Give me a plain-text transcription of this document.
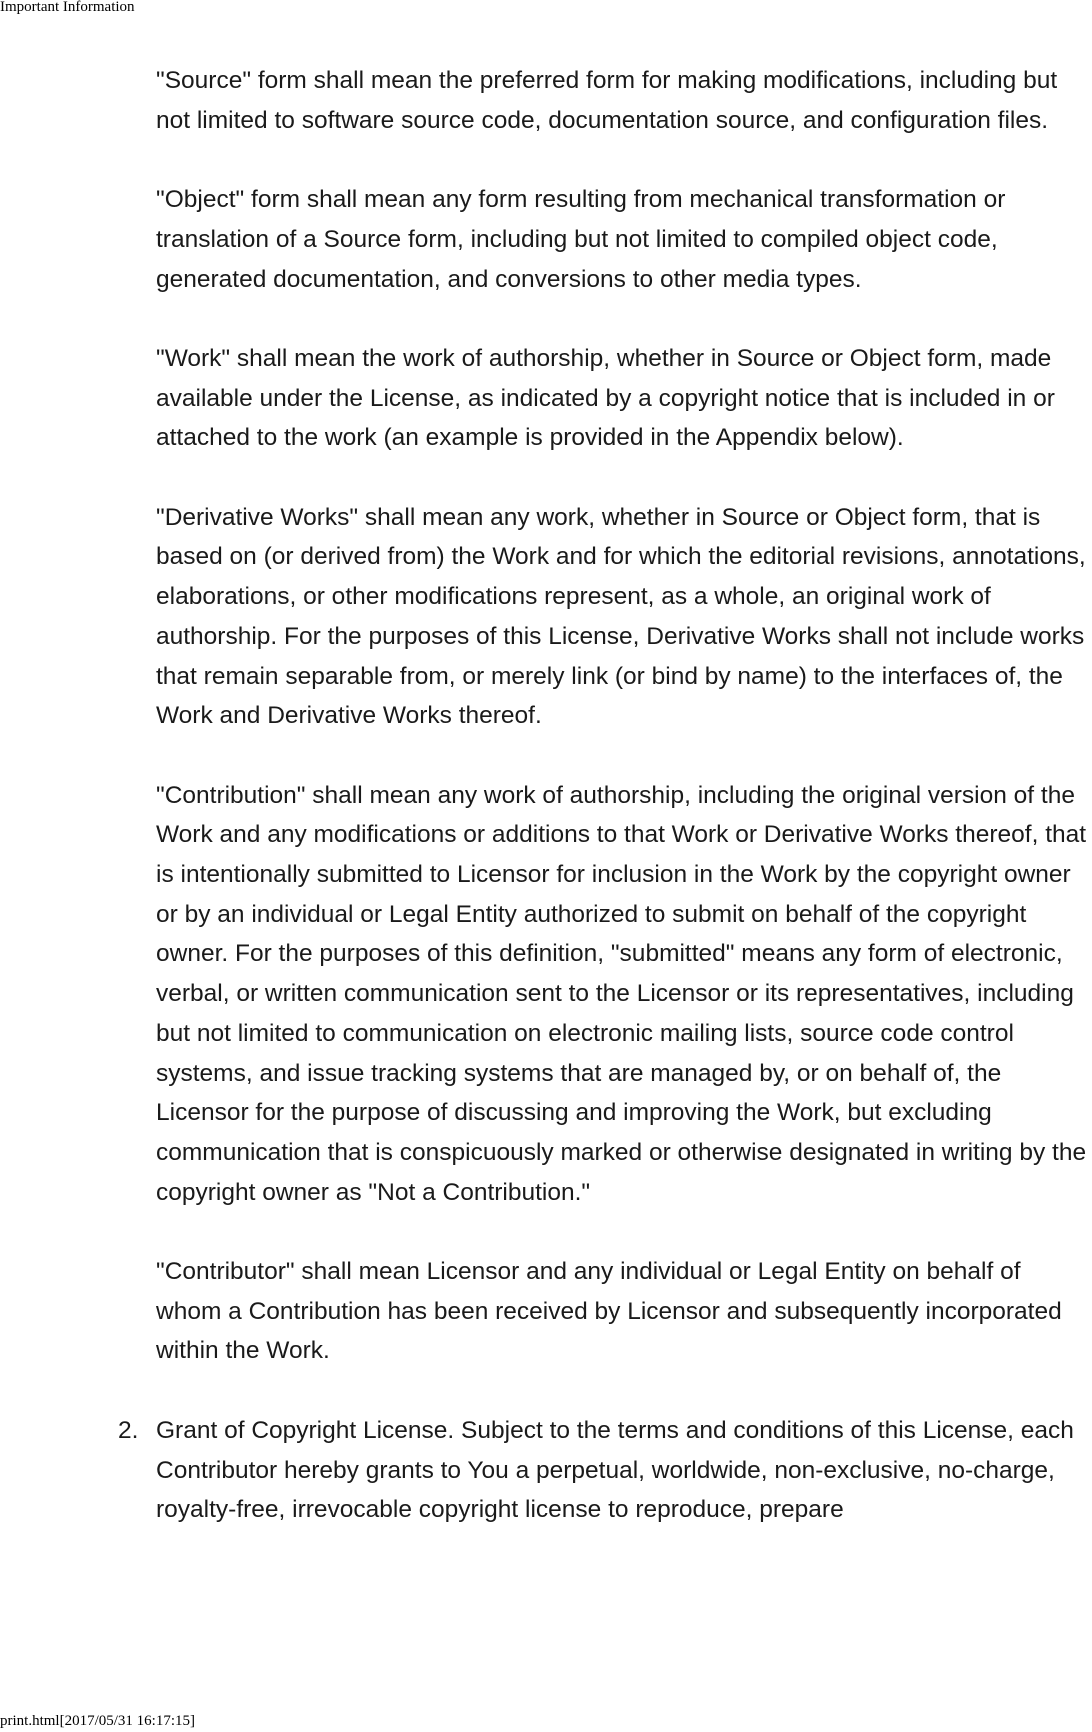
Important Information

"Source" form shall mean the preferred form for making modifications, including but not limited to software source code, documentation source, and configuration files.

"Object" form shall mean any form resulting from mechanical transformation or translation of a Source form, including but not limited to compiled object code, generated documentation, and conversions to other media types.

"Work" shall mean the work of authorship, whether in Source or Object form, made available under the License, as indicated by a copyright notice that is included in or attached to the work (an example is provided in the Appendix below).

"Derivative Works" shall mean any work, whether in Source or Object form, that is based on (or derived from) the Work and for which the editorial revisions, annotations, elaborations, or other modifications represent, as a whole, an original work of authorship. For the purposes of this License, Derivative Works shall not include works that remain separable from, or merely link (or bind by name) to the interfaces of, the Work and Derivative Works thereof.

"Contribution" shall mean any work of authorship, including the original version of the Work and any modifications or additions to that Work or Derivative Works thereof, that is intentionally submitted to Licensor for inclusion in the Work by the copyright owner or by an individual or Legal Entity authorized to submit on behalf of the copyright owner. For the purposes of this definition, "submitted" means any form of electronic, verbal, or written communication sent to the Licensor or its representatives, including but not limited to communication on electronic mailing lists, source code control systems, and issue tracking systems that are managed by, or on behalf of, the Licensor for the purpose of discussing and improving the Work, but excluding communication that is conspicuously marked or otherwise designated in writing by the copyright owner as "Not a Contribution."

"Contributor" shall mean Licensor and any individual or Legal Entity on behalf of whom a Contribution has been received by Licensor and subsequently incorporated within the Work.

2. Grant of Copyright License. Subject to the terms and conditions of this License, each Contributor hereby grants to You a perpetual, worldwide, non-exclusive, no-charge, royalty-free, irrevocable copyright license to reproduce, prepare
print.html[2017/05/31 16:17:15]
